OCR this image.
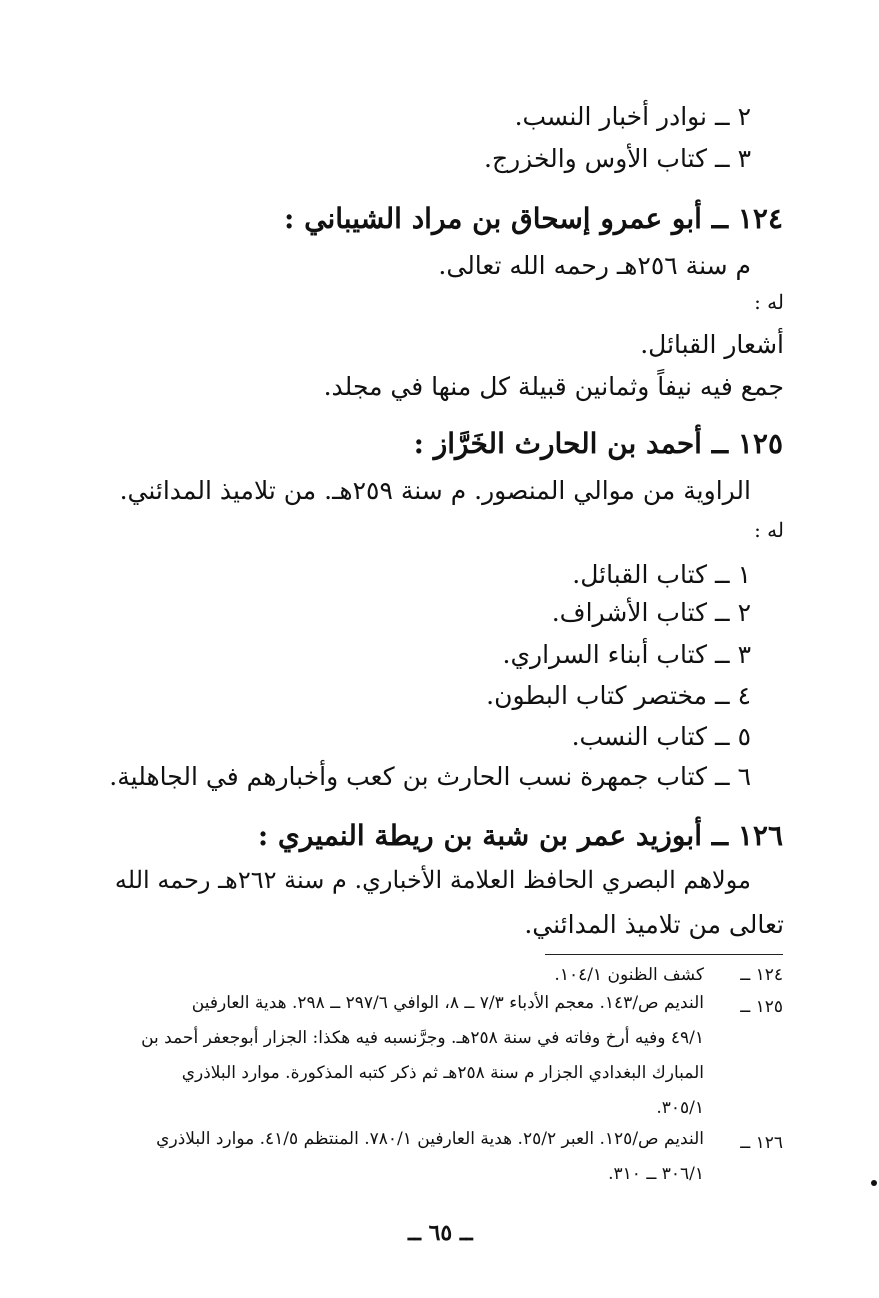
٢ ــ نوادر أخبار النسب.
٣ ــ كتاب الأوس والخزرج.
١٢٤ ــ أبو عمرو إسحاق بن مراد الشيباني :
م سنة ٢٥٦هـ رحمه الله تعالى.
له :
أشعار القبائل.
جمع فيه نيفاً وثمانين قبيلة كل منها في مجلد.
١٢٥ ــ أحمد بن الحارث الخَرَّاز :
الراوية من موالي المنصور. م سنة ٢٥٩هـ. من تلاميذ المدائني.
له :
١ ــ كتاب القبائل.
٢ ــ كتاب الأشراف.
٣ ــ كتاب أبناء السراري.
٤ ــ مختصر كتاب البطون.
٥ ــ كتاب النسب.
٦ ــ كتاب جمهرة نسب الحارث بن كعب وأخبارهم في الجاهلية.
١٢٦ ــ أبوزيد عمر بن شبة بن ريطة النميري :
مولاهم البصري الحافظ العلامة الأخباري. م سنة ٢٦٢هـ رحمه الله
تعالى من تلاميذ المدائني.
١٢٤ ــ
كشف الظنون ١٠٤/١.
١٢٥ ــ
النديم ص/١٤٣. معجم الأدباء ٧/٣ ــ ٨، الوافي ٢٩٧/٦ ــ ٢٩٨. هدية العارفين
٤٩/١ وفيه أرخ وفاته في سنة ٢٥٨هـ. وجرَّنسبه فيه هكذا: الجزار أبوجعفر أحمد بن
المبارك البغدادي الجزار م سنة ٢٥٨هـ ثم ذكر كتبه المذكورة. موارد البلاذري
٣٠٥/١.
١٢٦ ــ
النديم ص/١٢٥. العبر ٢٥/٢. هدية العارفين ٧٨٠/١. المنتظم ٤١/٥. موارد البلاذري
٣٠٦/١ ــ ٣١٠.
ــ ٦٥ ــ
